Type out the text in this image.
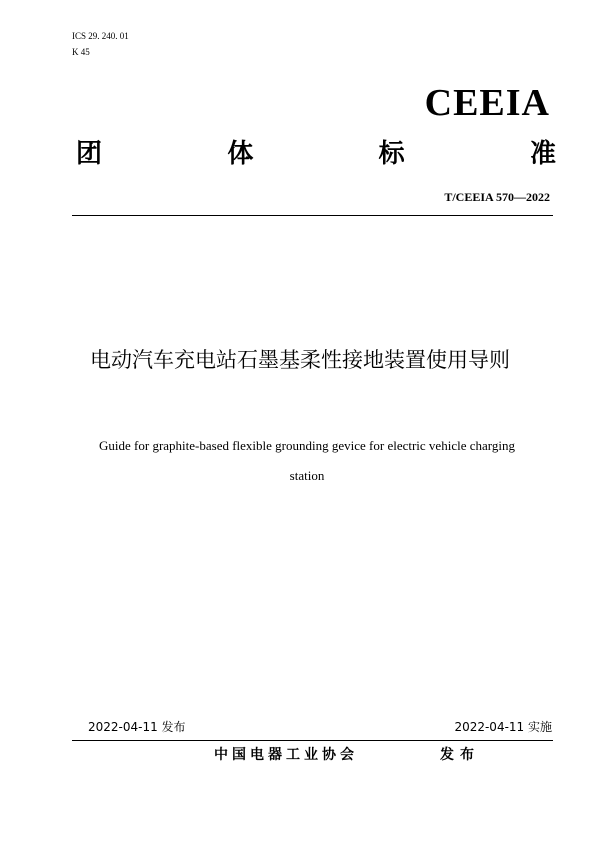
ICS 29. 240. 01
K 45
CEEIA
团	体	标	准
T/CEEIA 570—2022
电动汽车充电站石墨基柔性接地装置使用导则
Guide for graphite-based flexible grounding gevice for electric vehicle charging
station
2022-04-11 发布	2022-04-11 实施
中国电器工业协会	发布
